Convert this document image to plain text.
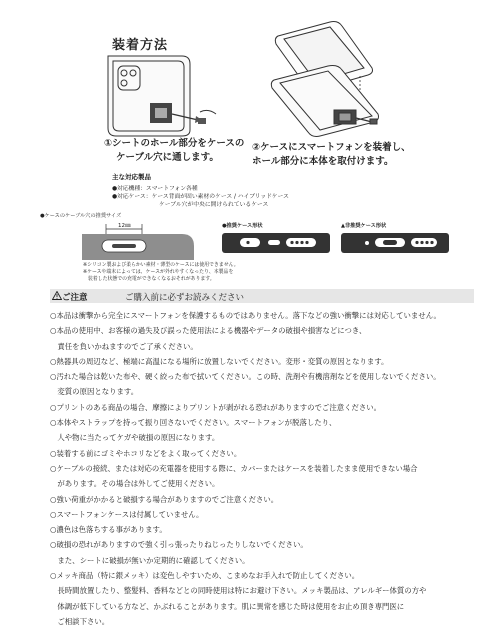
装着方法
①シートのホール部分をケースの
ケーブル穴に通します。
②ケースにスマートフォンを装着し、
ホール部分に本体を取付けます。
主な対応製品
●対応機種：スマートフォン各種
●対応ケース：ケース背面が固い素材のケース / ハイブリッドケース
ケーブル穴が中央に開けられているケース
●ケースのケーブル穴の推奨サイズ
12㎜
※シリコン製および柔らかい素材・薄型のケースには使用できません。
※ケースや端末によっては、ケースが外れやすくなったり、本製品を
　装着した状態での充電ができなくなるおそれがあります。
●推奨ケース形状	▲非推奨ケース形状
ご注意	ご購入前に必ずお読みください
○本品は衝撃から完全にスマートフォンを保護するものではありません。落下などの強い衝撃には対応していません。
○本品の使用中、お客様の過失及び誤った使用法による機器やデータの破損や損害などにつき、
　責任を負いかねますのでご了承ください。
○熱器具の周辺など、極端に高温になる場所に放置しないでください。変形・変質の原因となります。
○汚れた場合は乾いた布や、硬く絞った布で拭いてください。この時、洗剤や有機溶剤などを使用しないでください。
　変質の原因となります。
○プリントのある商品の場合、摩擦によりプリントが剥がれる恐れがありますのでご注意ください。
○本体やストラップを持って振り回さないでください。スマートフォンが脱落したり、
　人や物に当たってケガや破損の原因になります。
○装着する前にゴミやホコリなどをよく取ってください。
○ケーブルの接続、または対応の充電器を使用する際に、カバーまたはケースを装着したまま使用できない場合
　があります。その場合は外してご使用ください。
○強い荷重がかかると破損する場合がありますのでご注意ください。
○スマートフォンケースは付属していません。
○濃色は色落ちする事があります。
○破損の恐れがありますので強く引っ張ったりねじったりしないでください。
　また、シートに破損が無いか定期的に確認してください。
○メッキ商品（特に銀メッキ）は変色しやすいため、こまめなお手入れで防止してください。
　長時間放置したり、整髪料、香料などとの同時使用は特にお避け下さい。メッキ製品は、アレルギー体質の方や
　体調が低下している方など、かぶれることがあります。肌に異常を感じた時は使用をお止め頂き専門医に
　ご相談下さい。
